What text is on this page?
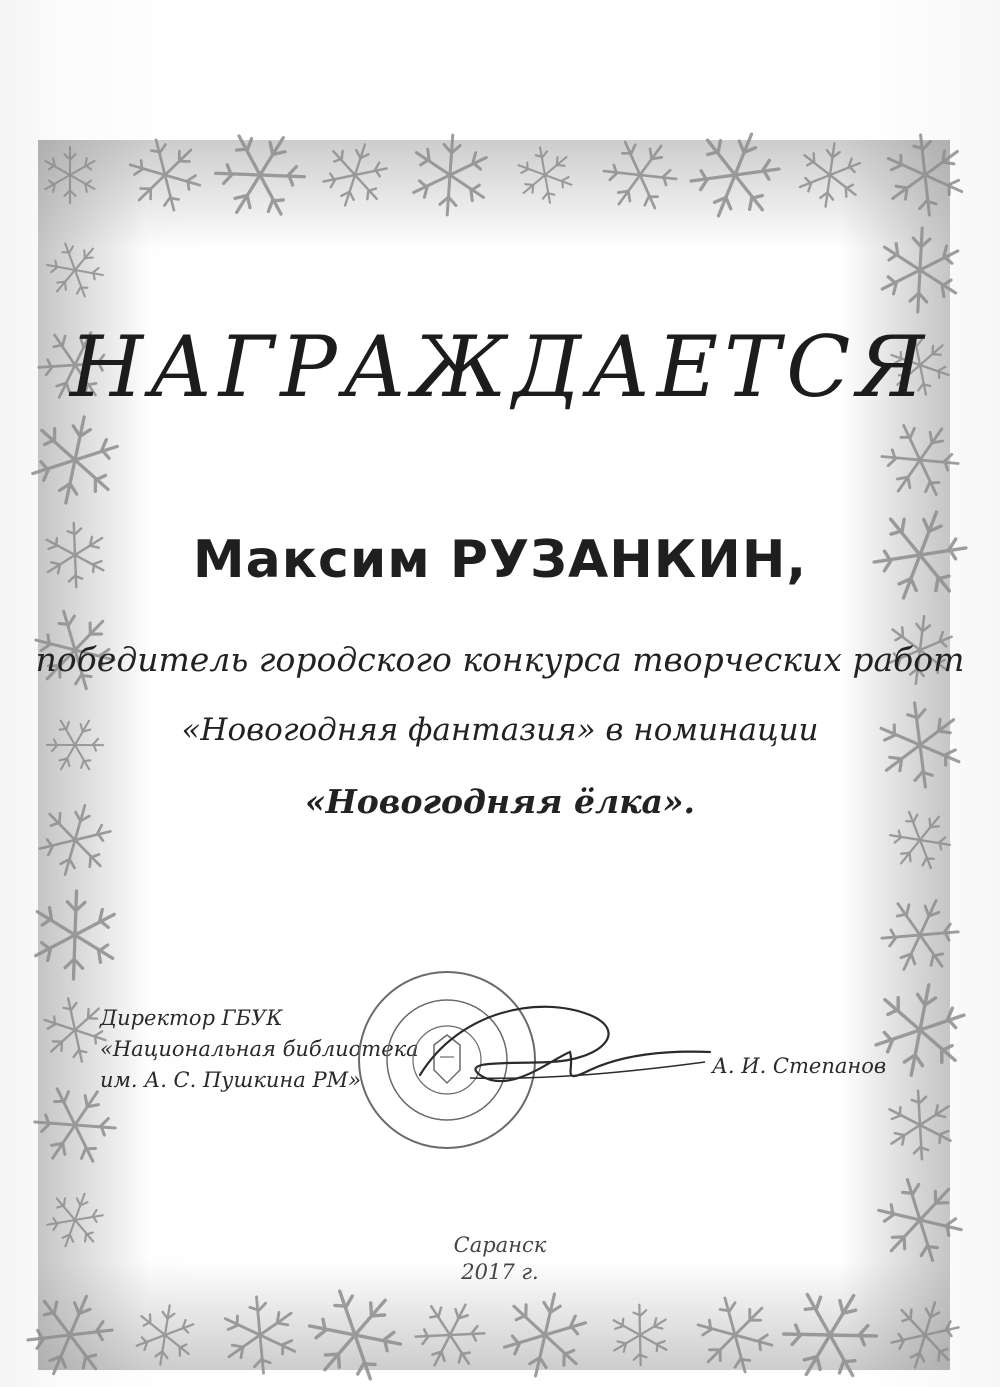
НАГРАЖДАЕТСЯ
Максим РУЗАНКИН,
победитель городского конкурса творческих работ
«Новогодняя фантазия» в номинации
«Новогодняя ёлка».
Директор ГБУК
«Национальная библиотека
им. А. С. Пушкина РМ»
А. И. Степанов
Саранск
2017 г.
